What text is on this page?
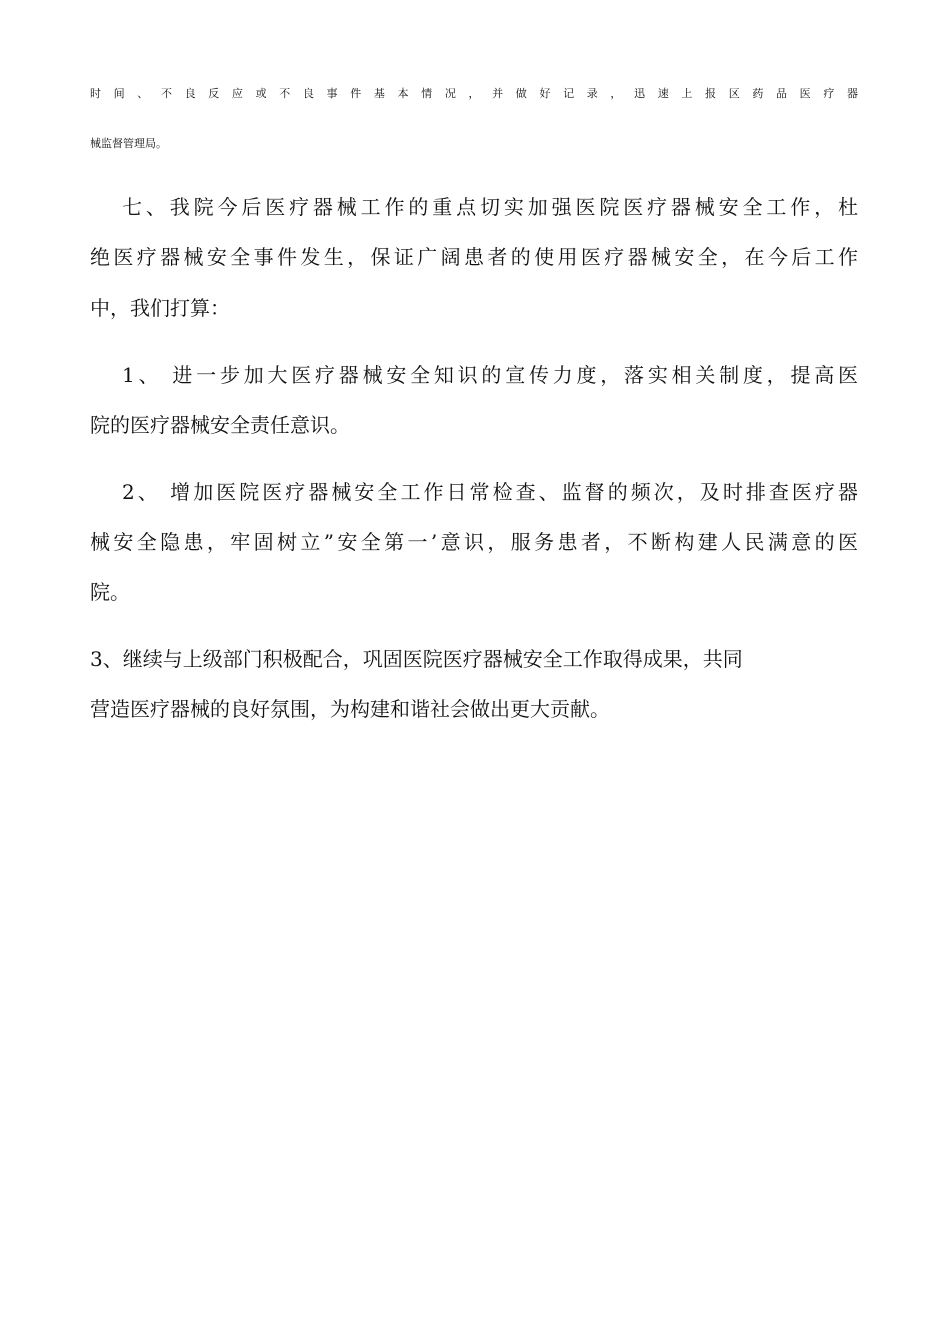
时 间 、 不 良 反 应 或 不 良 事 件 基 本 情 况 ， 并 做 好 记 录 ， 迅 速 上 报 区 药 品 医 疗 器
械监督管理局。
七、我院今后医疗器械工作的重点切实加强医院医疗器械安全工作，杜
绝医疗器械安全事件发生，保证广阔患者的使用医疗器械安全，在今后工作
中，我们打算：
1、 进一步加大医疗器械安全知识的宣传力度，落实相关制度，提高医
院的医疗器械安全责任意识。
2、 增加医院医疗器械安全工作日常检查、监督的频次，及时排查医疗器
械安全隐患，牢固树立”安全第一’意识，服务患者，不断构建人民满意的医
院。
3、继续与上级部门积极配合，巩固医院医疗器械安全工作取得成果，共同
营造医疗器械的良好氛围，为构建和谐社会做出更大贡献。
